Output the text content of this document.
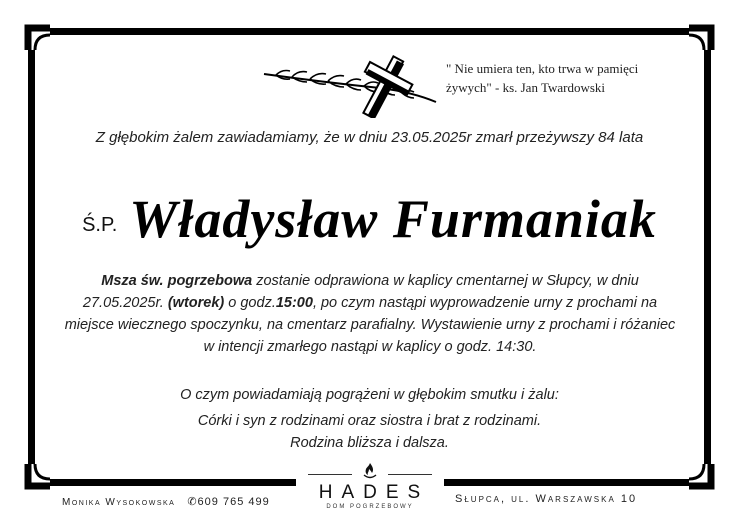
" Nie umiera ten, kto trwa w pamięci
żywych" - ks. Jan Twardowski
Z głębokim żalem zawiadamiamy, że w dniu 23.05.2025r zmarł przeżywszy 84 lata
Ś.P. Władysław Furmaniak
Msza św. pogrzebowa zostanie odprawiona w kaplicy cmentarnej w Słupcy, w dniu 27.05.2025r. (wtorek) o godz.15:00, po czym nastąpi wyprowadzenie urny z prochami na miejsce wiecznego spoczynku, na cmentarz parafialny. Wystawienie urny z prochami i różaniec w intencji zmarłego nastąpi w kaplicy o godz. 14:30.
O czym powiadamiają pogrążeni w głębokim smutku i żalu:
Córki i syn z rodzinami oraz siostra i brat z rodzinami.
Rodzina bliższa i dalsza.
Monika Wysokowska ✆609 765 499	HADES
DOM POGRZEBOWY
Słupca, ul. Warszawska 10
